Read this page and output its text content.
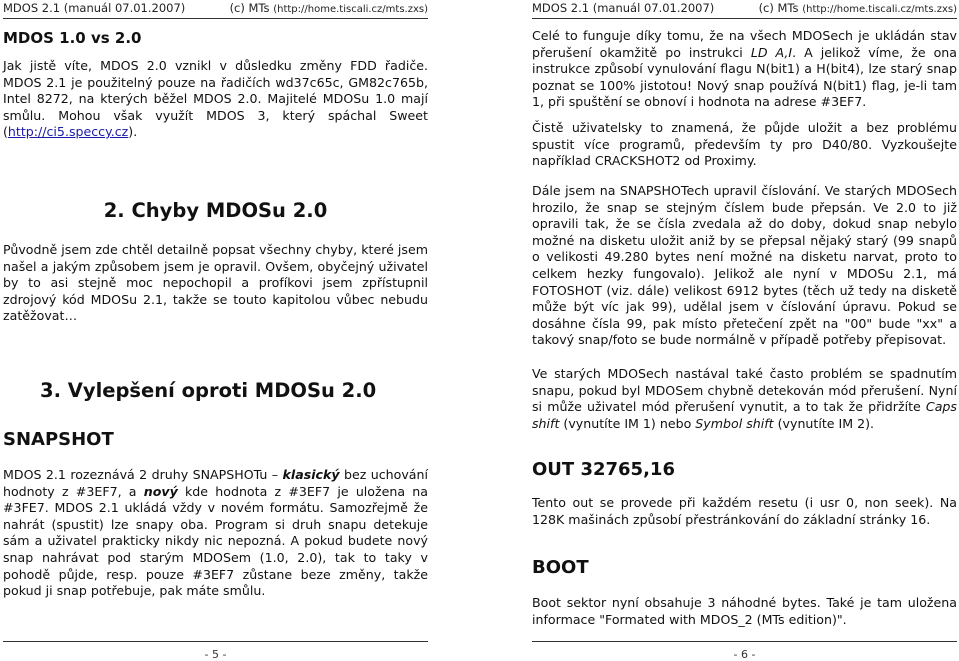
MDOS 2.1 (manuál 07.01.2007)	(c) MTs (http://home.tiscali.cz/mts.zxs)
MDOS 1.0 vs 2.0
Jak jistě víte, MDOS 2.0 vznikl v důsledku změny FDD řadiče. MDOS 2.1 je použitelný pouze na řadičích wd37c65c, GM82c765b, Intel 8272, na kterých běžel MDOS 2.0. Majitelé MDOSu 1.0 mají smůlu. Mohou však využít MDOS 3, který spáchal Sweet (http://ci5.speccy.cz).
2. Chyby MDOSu 2.0
Původně jsem zde chtěl detailně popsat všechny chyby, které jsem našel a jakým způsobem jsem je opravil. Ovšem, obyčejný uživatel by to asi stejně moc nepochopil a profíkovi jsem zpřístupnil zdrojový kód MDOSu 2.1, takže se touto kapitolou vůbec nebudu zatěžovat…
3. Vylepšení oproti MDOSu 2.0
SNAPSHOT
MDOS 2.1 rozeznává 2 druhy SNAPSHOTu – klasický bez uchování hodnoty z #3EF7, a nový kde hodnota z #3EF7 je uložena na #3FE7. MDOS 2.1 ukládá vždy v novém formátu. Samozřejmě že nahrát (spustit) lze snapy oba. Program si druh snapu detekuje sám a uživatel prakticky nikdy nic nepozná. A pokud budete nový snap nahrávat pod starým MDOSem (1.0, 2.0), tak to taky v pohodě půjde, resp. pouze #3EF7 zůstane beze změny, takže pokud ji snap potřebuje, pak máte smůlu.
- 5 -
MDOS 2.1 (manuál 07.01.2007)	(c) MTs (http://home.tiscali.cz/mts.zxs)
Celé to funguje díky tomu, že na všech MDOSech je ukládán stav přerušení okamžitě po instrukci LD A,I. A jelikož víme, že ona instrukce způsobí vynulování flagu N(bit1) a H(bit4), lze starý snap poznat se 100% jistotou! Nový snap používá N(bit1) flag, je-li tam 1, při spuštění se obnoví i hodnota na adrese #3EF7.
Čistě uživatelsky to znamená, že půjde uložit a bez problému spustit více programů, především ty pro D40/80. Vyzkoušejte například CRACKSHOT2 od Proximy.
Dále jsem na SNAPSHOTech upravil číslování. Ve starých MDOSech hrozilo, že snap se stejným číslem bude přepsán. Ve 2.0 to již opravili tak, že se čísla zvedala až do doby, dokud snap nebylo možné na disketu uložit aniž by se přepsal nějaký starý (99 snapů o velikosti 49.280 bytes není možné na disketu narvat, proto to celkem hezky fungovalo). Jelikož ale nyní v MDOSu 2.1, má FOTOSHOT (viz. dále) velikost 6912 bytes (těch už tedy na disketě může být víc jak 99), udělal jsem v číslování úpravu. Pokud se dosáhne čísla 99, pak místo přetečení zpět na "00" bude "xx" a takový snap/foto se bude normálně v případě potřeby přepisovat.
Ve starých MDOSech nastával také často problém se spadnutím snapu, pokud byl MDOSem chybně detekován mód přerušení. Nyní si může uživatel mód přerušení vynutit, a to tak že přidržíte Caps shift (vynutíte IM 1) nebo Symbol shift (vynutíte IM 2).
OUT 32765,16
Tento out se provede při každém resetu (i usr 0, non seek). Na 128K mašinách způsobí přestránkování do základní stránky 16.
BOOT
Boot sektor nyní obsahuje 3 náhodné bytes. Také je tam uložena informace "Formated with MDOS_2 (MTs edition)".
- 6 -
